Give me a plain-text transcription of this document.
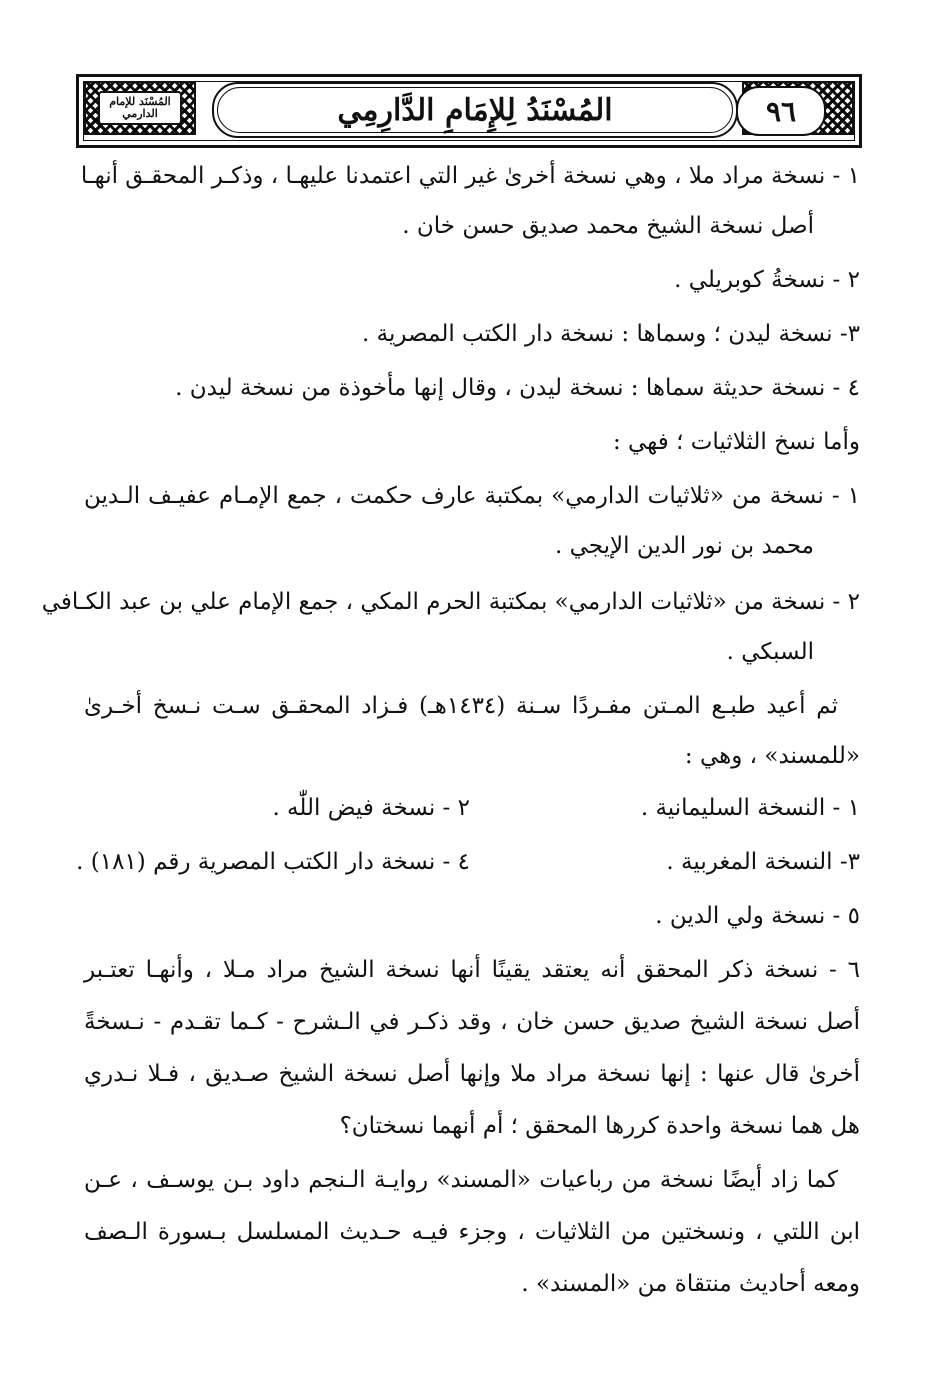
المُسْنَد للإمام الدارمي	المُسْنَدُ لِلإِمَامِ الدَّارِمِي	٩٦
١ - نسخة مراد ملا ، وهي نسخة أخرىٰ غير التي اعتمدنا عليهـا ، وذكـر المحقـق أنهـا
أصل نسخة الشيخ محمد صديق حسن خان .
٢ - نسخةُ كوبريلي .
٣- نسخة ليدن ؛ وسماها : نسخة دار الكتب المصرية .
٤ - نسخة حديثة سماها : نسخة ليدن ، وقال إنها مأخوذة من نسخة ليدن .
وأما نسخ الثلاثيات ؛ فهي :
١ - نسخة من «ثلاثيات الدارمي» بمكتبة عارف حكمت ، جمع الإمـام عفيـف الـدين
محمد بن نور الدين الإيجي .
٢ - نسخة من «ثلاثيات الدارمي» بمكتبة الحرم المكي ، جمع الإمام علي بن عبد الكـافي
السبكي .
ثم أعيد طبـع المـتن مفـردًا سـنة (١٤٣٤هـ) فـزاد المحقـق سـت نـسخ أخـرىٰ
«للمسند» ، وهي :
١ - النسخة السليمانية .
٢ - نسخة فيض اللّٰه .
٣- النسخة المغربية .
٤ - نسخة دار الكتب المصرية رقم (١٨١) .
٥ - نسخة ولي الدين .
٦ - نسخة ذكر المحقق أنه يعتقد يقينًا أنها نسخة الشيخ مراد مـلا ، وأنهـا تعتـبر
أصل نسخة الشيخ صديق حسن خان ، وقد ذكـر في الـشرح - كـما تقـدم - نـسخةً
أخرىٰ قال عنها : إنها نسخة مراد ملا وإنها أصل نسخة الشيخ صـديق ، فـلا نـدري
هل هما نسخة واحدة كررها المحقق ؛ أم أنهما نسختان؟
كما زاد أيضًا نسخة من رباعيات «المسند» روايـة الـنجم داود بـن يوسـف ، عـن
ابن اللتي ، ونسختين من الثلاثيات ، وجزء فيـه حـديث المسلسل بـسورة الـصف
ومعه أحاديث منتقاة من «المسند» .
